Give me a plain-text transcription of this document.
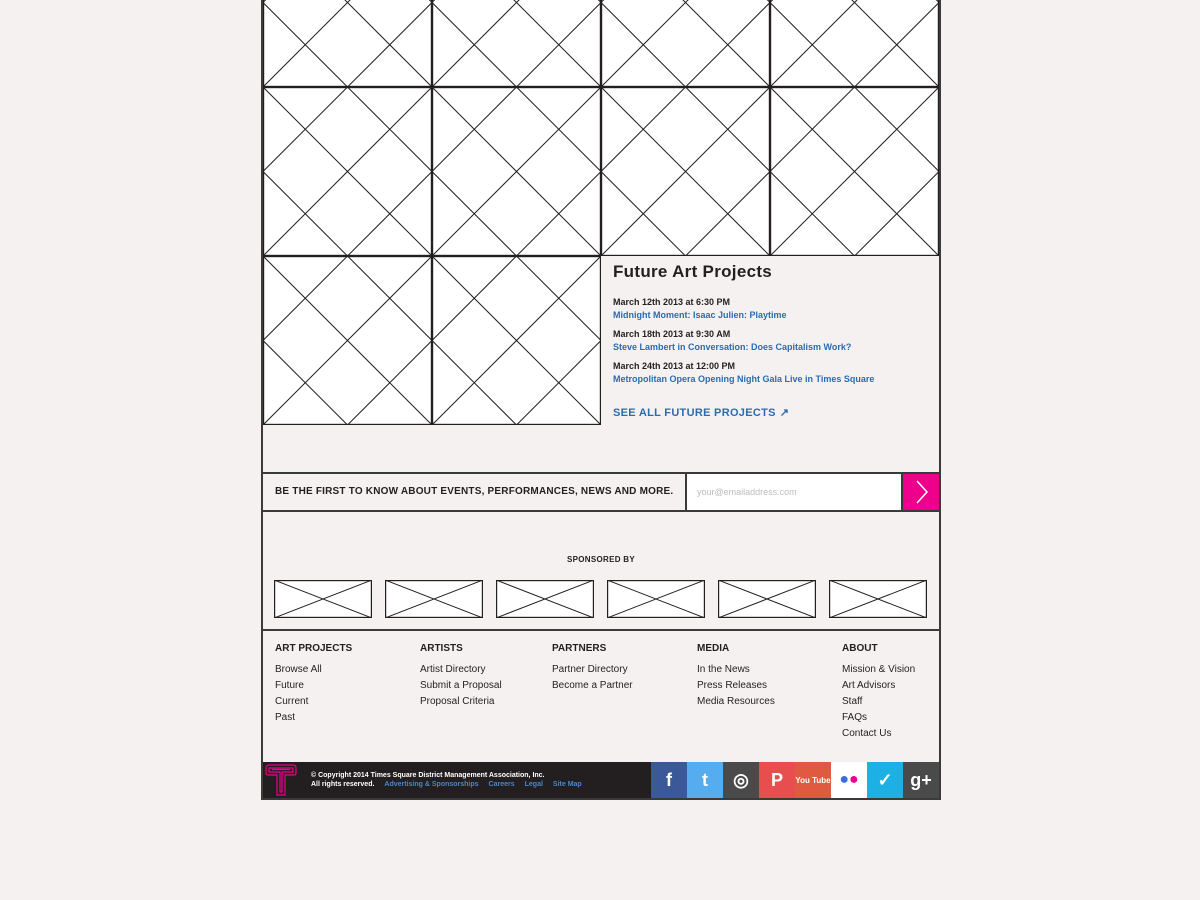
Future Art Projects
March 12th 2013 at 6:30 PM
Midnight Moment: Isaac Julien: Playtime
March 18th 2013 at 9:30 AM
Steve Lambert in Conversation: Does Capitalism Work?
March 24th 2013 at 12:00 PM
Metropolitan Opera Opening Night Gala Live in Times Square
SEE ALL FUTURE PROJECTS ↗
BE THE FIRST TO KNOW ABOUT EVENTS, PERFORMANCES, NEWS AND MORE.
your@emailaddress.com
SPONSORED BY
ART PROJECTS
Browse All
Future
Current
Past
ARTISTS
Artist Directory
Submit a Proposal
Proposal Criteria
PARTNERS
Partner Directory
Become a Partner
MEDIA
In the News
Press Releases
Media Resources
ABOUT
Mission & Vision
Art Advisors
Staff
FAQs
Contact Us
© Copyright 2014 Times Square District Management Association, Inc.
All rights reserved. Advertising & Sponsorships Careers Legal Site Map	f	t	◎	P	You Tube ● ●	✓ g+
